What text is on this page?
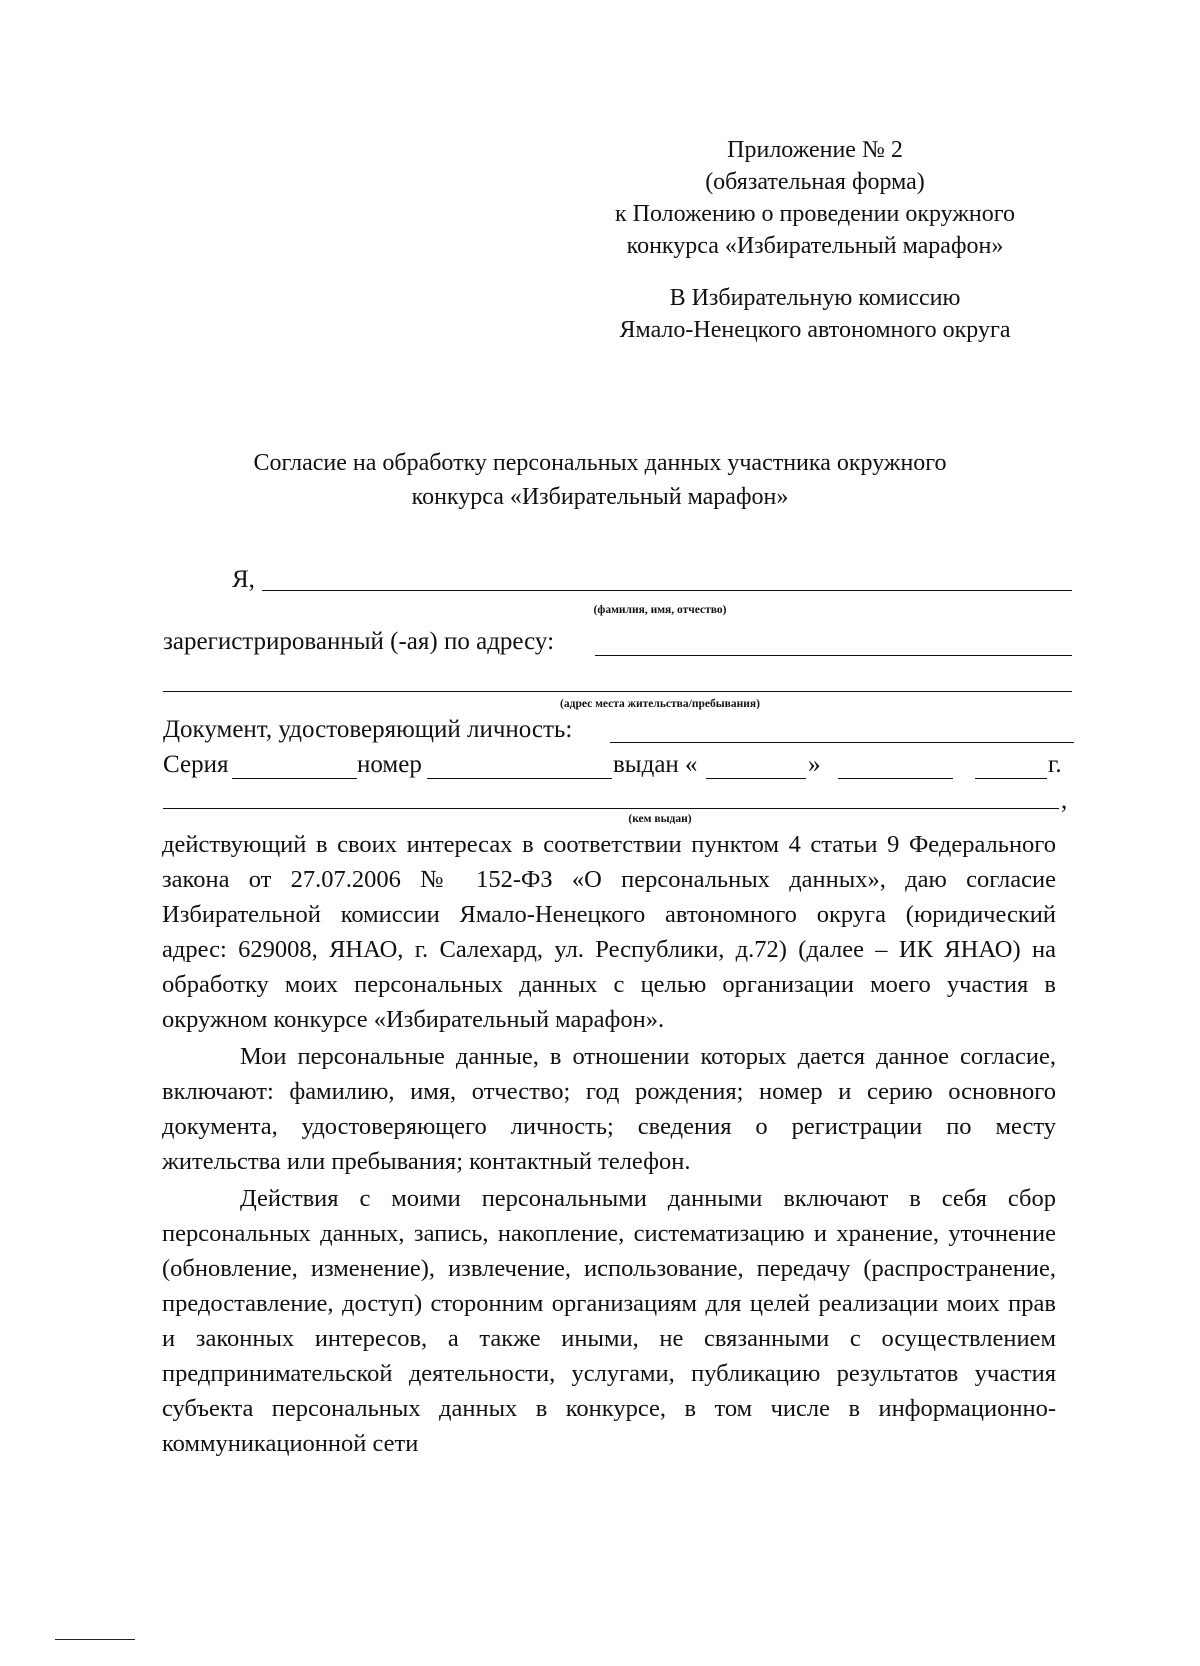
Приложение № 2
(обязательная форма)
к Положению о проведении окружного
конкурса «Избирательный марафон»
В Избирательную комиссию
Ямало-Ненецкого автономного округа
Согласие на обработку персональных данных участника окружного
конкурса «Избирательный марафон»
Я,
(фамилия, имя, отчество)
зарегистрированный (-ая) по адресу:
(адрес места жительства/пребывания)
Документ, удостоверяющий личность:
Серия	номер	выдан «	»	г.
,
(кем выдан)

действующий в своих интересах в соответствии пунктом 4 статьи 9 Федерального закона от 27.07.2006 № 152-ФЗ «О персональных данных», даю согласие Избирательной комиссии Ямало-Ненецкого автономного округа (юридический адрес: 629008, ЯНАО, г. Салехард, ул. Республики, д.72) (далее – ИК ЯНАО) на обработку моих персональных данных с целью организации моего участия в окружном конкурсе «Избирательный марафон».

Мои персональные данные, в отношении которых дается данное согласие, включают: фамилию, имя, отчество; год рождения; номер и серию основного документа, удостоверяющего личность; сведения о регистрации по месту жительства или пребывания; контактный телефон.

Действия с моими персональными данными включают в себя сбор персональных данных, запись, накопление, систематизацию и хранение, уточнение (обновление, изменение), извлечение, использование, передачу (распространение, предоставление, доступ) сторонним организациям для целей реализации моих прав и законных интересов, а также иными, не связанными с осуществлением предпринимательской деятельности, услугами, публикацию результатов участия субъекта персональных данных в конкурсе, в том числе в информационно-коммуникационной сети
